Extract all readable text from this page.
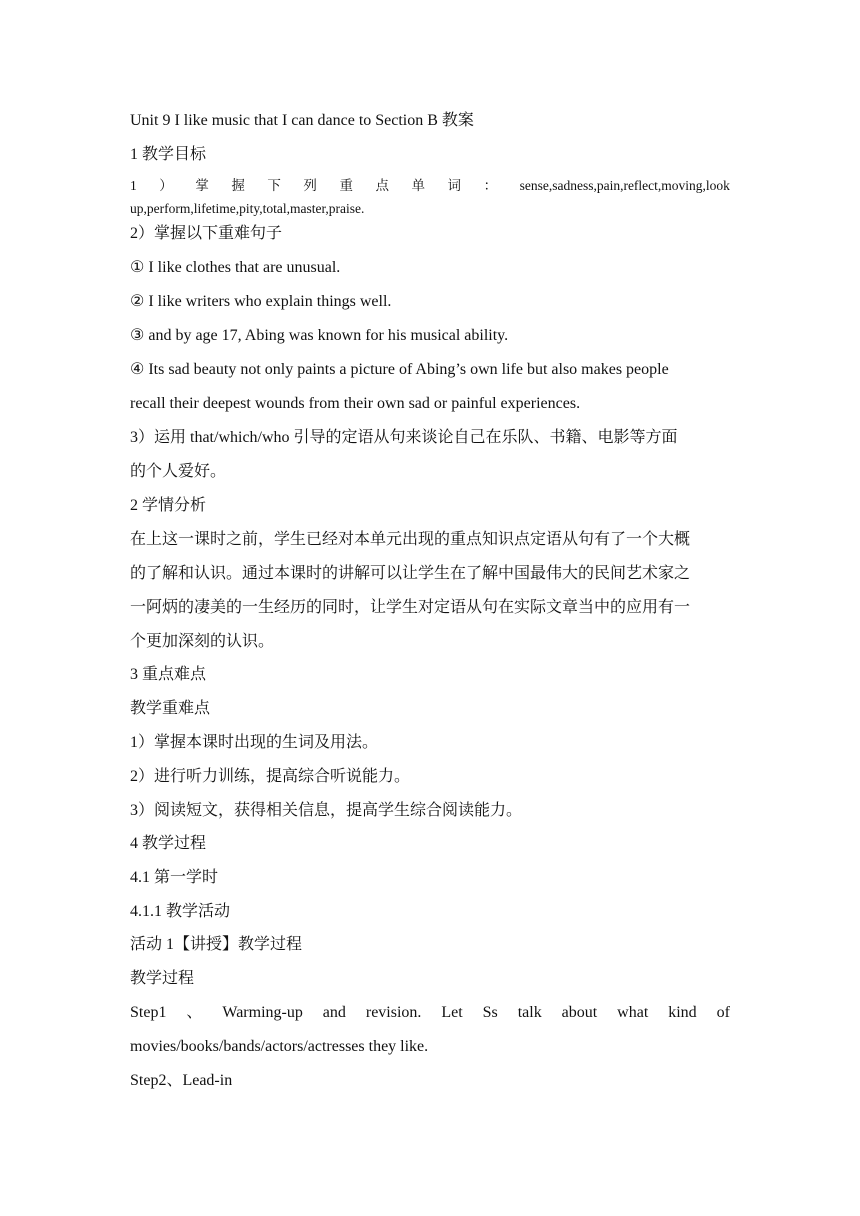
Unit 9 I like music that I can dance to Section B 教案
1 教学目标
1 ） 掌 握 下 列 重 点 单 词 ： sense,sadness,pain,reflect,moving,look
up,perform,lifetime,pity,total,master,praise.
2）掌握以下重难句子
① I like clothes that are unusual.
② I like writers who explain things well.
③ and by age 17, Abing was known for his musical ability.
④ Its sad beauty not only paints a picture of Abing’s own life but also makes people
recall their deepest wounds from their own sad or painful experiences.
3）运用 that/which/who 引导的定语从句来谈论自己在乐队、书籍、电影等方面
的个人爱好。
2 学情分析
在上这一课时之前，学生已经对本单元出现的重点知识点定语从句有了一个大概
的了解和认识。通过本课时的讲解可以让学生在了解中国最伟大的民间艺术家之
一阿炳的凄美的一生经历的同时，让学生对定语从句在实际文章当中的应用有一
个更加深刻的认识。
3 重点难点
教学重难点
1）掌握本课时出现的生词及用法。
2）进行听力训练，提高综合听说能力。
3）阅读短文，获得相关信息，提高学生综合阅读能力。
4 教学过程
4.1 第一学时
4.1.1 教学活动
活动 1【讲授】教学过程
教学过程
Step1 、 Warming-up and revision. Let Ss talk about what kind of
movies/books/bands/actors/actresses they like.
Step2、Lead-in
